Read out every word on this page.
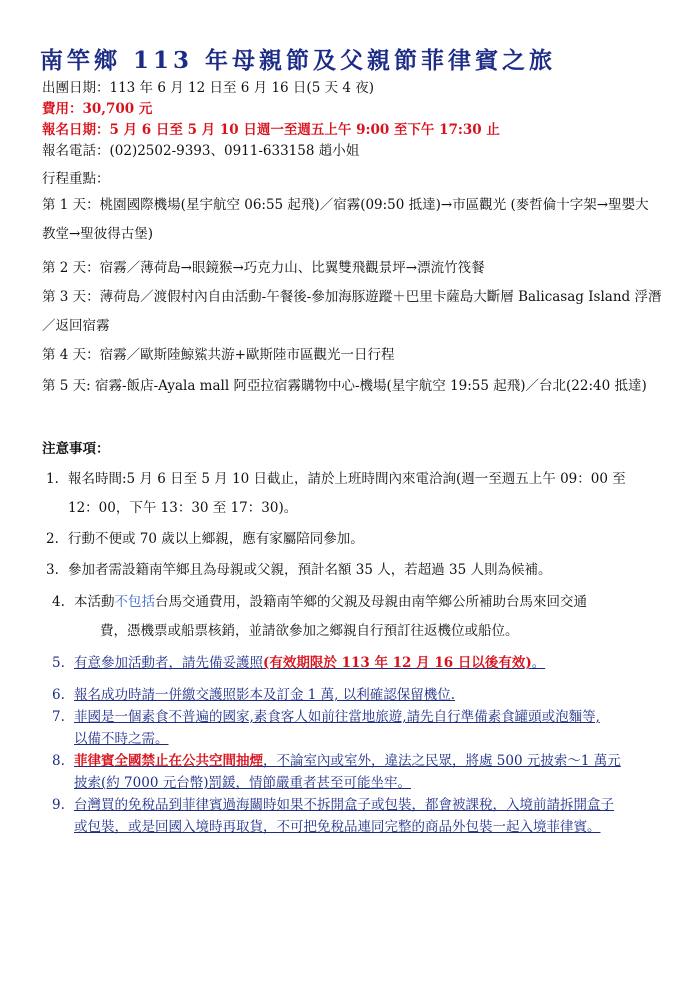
南竿鄉 113 年母親節及父親節菲律賓之旅
出團日期：113 年 6 月 12 日至 6 月 16 日(5 天 4 夜)
費用：30,700 元
報名日期：5 月 6 日至 5 月 10 日週一至週五上午 9:00 至下午 17:30 止
報名電話：(02)2502-9393、0911-633158 趙小姐
行程重點：
第 1 天：桃園國際機場(星宇航空 06:55 起飛)／宿霧(09:50 抵達)→市區觀光 (麥哲倫十字架→聖嬰大教堂→聖彼得古堡)
第 2 天：宿霧／薄荷島→眼鏡猴→巧克力山、比翼雙飛觀景坪→漂流竹筏餐
第 3 天：薄荷島／渡假村內自由活動-午餐後-參加海豚遊蹤＋巴里卡薩島大斷層 Balicasag Island 浮潛／返回宿霧
第 4 天：宿霧／歐斯陸鯨鯊共游+歐斯陸市區觀光一日行程
第 5 天: 宿霧-飯店-Ayala mall 阿亞拉宿霧購物中心-機場(星宇航空 19:55 起飛)／台北(22:40 抵達)
注意事項：
1. 報名時間:5 月 6 日至 5 月 10 日截止，請於上班時間內來電洽詢(週一至週五上午 09：00 至
12：00，下午 13：30 至 17：30)。
2. 行動不便或 70 歲以上鄉親，應有家屬陪同參加。
3. 參加者需設籍南竿鄉且為母親或父親，預計名額 35 人，若超過 35 人則為候補。
4. 本活動不包括台馬交通費用，設籍南竿鄉的父親及母親由南竿鄉公所補助台馬來回交通
費，憑機票或船票核銷，並請欲參加之鄉親自行預訂往返機位或船位。
5. 有意參加活動者，請先備妥護照(有效期限於 113 年 12 月 16 日以後有效)。
6. 報名成功時請一併繳交護照影本及訂金 1 萬, 以利確認保留機位.
7. 菲國是一個素食不普遍的國家,素食客人如前往當地旅遊,請先自行準備素食罐頭或泡麵等,
以備不時之需。
8. 菲律賓全國禁止在公共空間抽煙，不論室內或室外，違法之民眾，將處 500 元披索～1 萬元
披索(約 7000 元台幣)罰鍰，情節嚴重者甚至可能坐牢。
9. 台灣買的免稅品到菲律賓過海關時如果不拆開盒子或包裝，都會被課稅，入境前請拆開盒子
或包裝，或是回國入境時再取貨，不可把免稅品連同完整的商品外包裝一起入境菲律賓。
